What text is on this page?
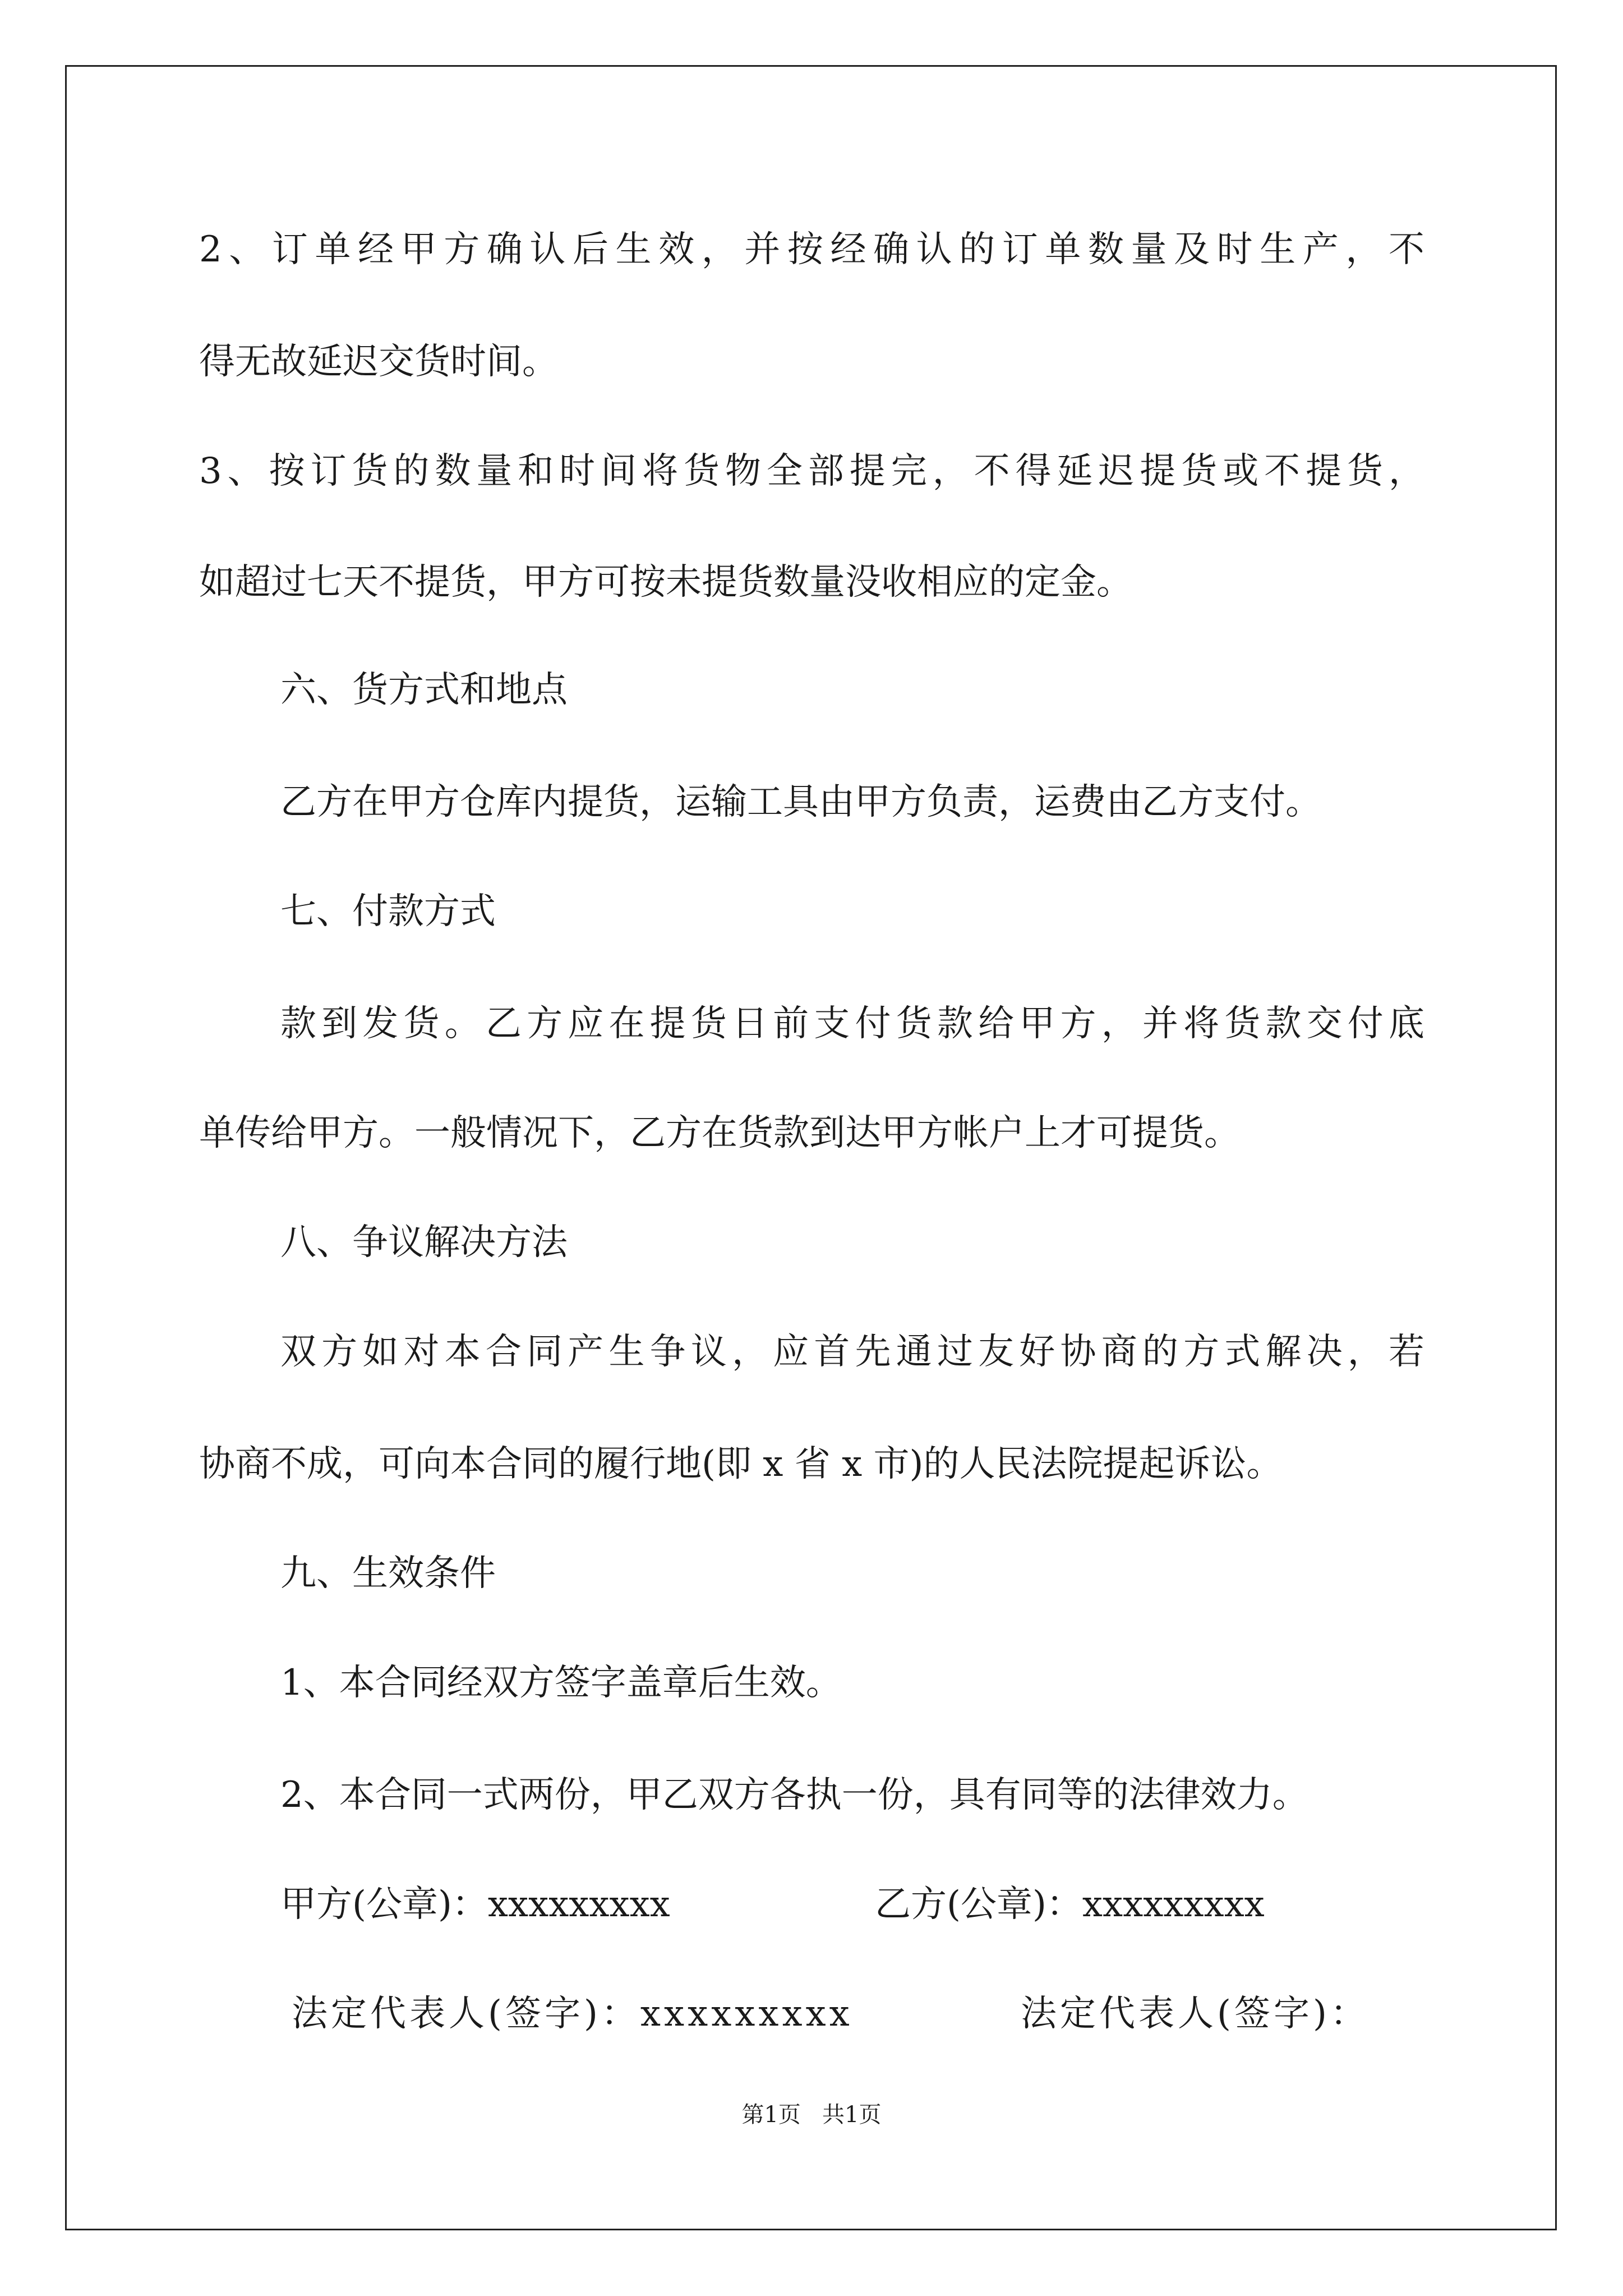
2、订单经甲方确认后生效，并按经确认的订单数量及时生产，不
得无故延迟交货时间。
3、按订货的数量和时间将货物全部提完，不得延迟提货或不提货，
如超过七天不提货，甲方可按未提货数量没收相应的定金。
六、货方式和地点
乙方在甲方仓库内提货，运输工具由甲方负责，运费由乙方支付。
七、付款方式
款到发货。乙方应在提货日前支付货款给甲方，并将货款交付底
单传给甲方。一般情况下，乙方在货款到达甲方帐户上才可提货。
八、争议解决方法
双方如对本合同产生争议，应首先通过友好协商的方式解决，若
协商不成，可向本合同的履行地(即 x 省 x 市)的人民法院提起诉讼。
九、生效条件
1、本合同经双方签字盖章后生效。
2、本合同一式两份，甲乙双方各执一份，具有同等的法律效力。
甲方(公章)：xxxxxxxxx	乙方(公章)：xxxxxxxxx
法定代表人(签字)：xxxxxxxxx	法定代表人(签字)：
第1页   共1页
